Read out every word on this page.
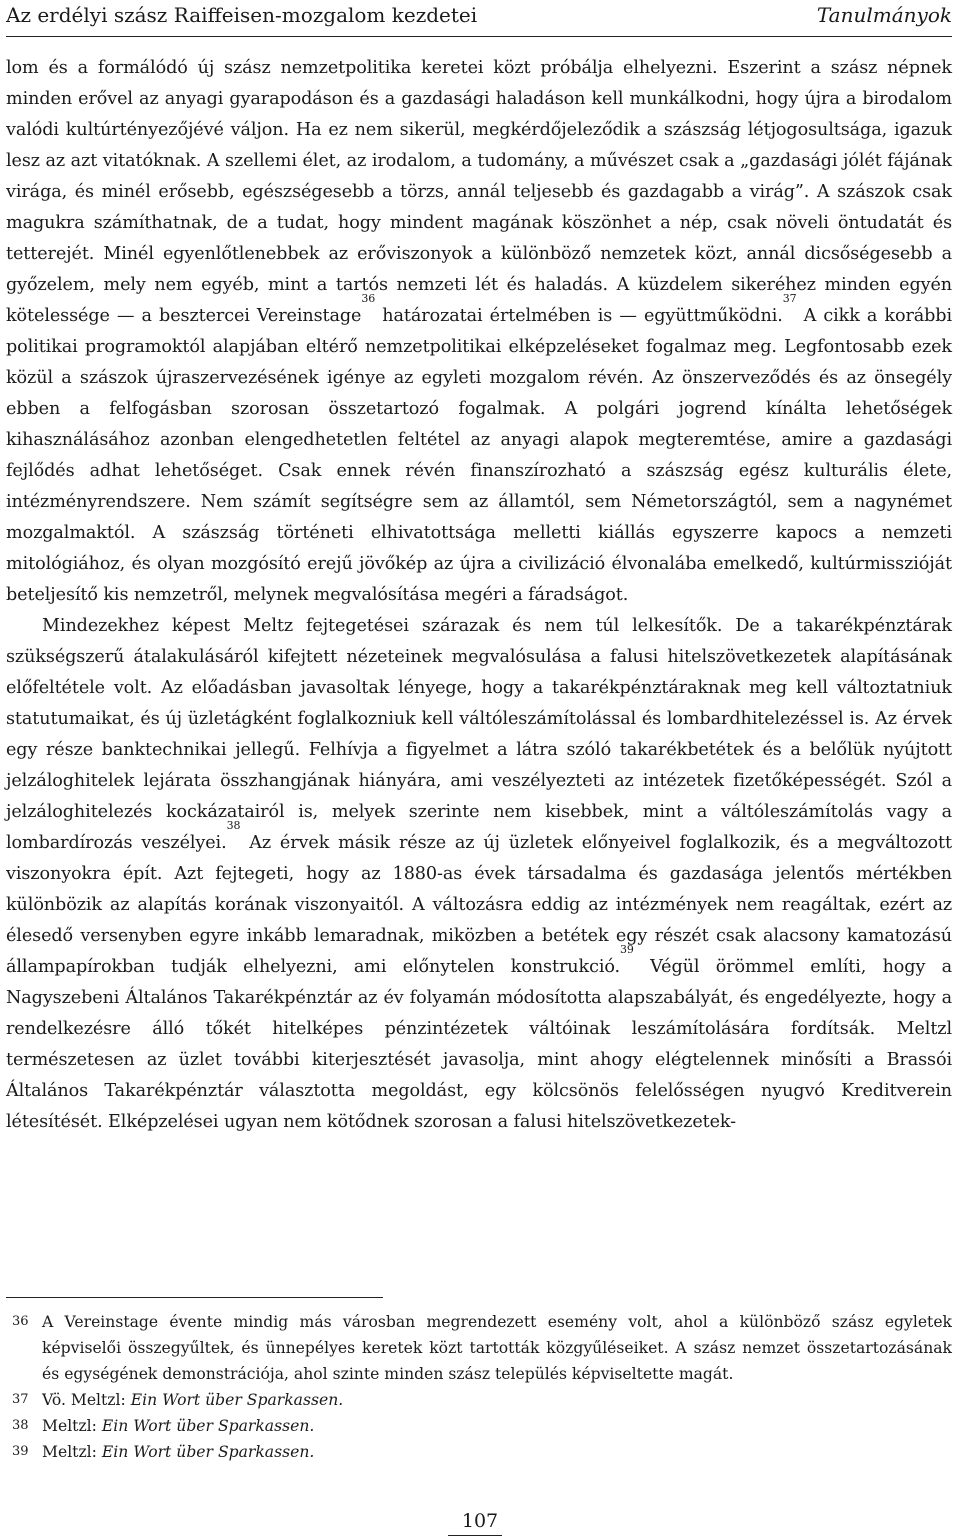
Az erdélyi szász Raiffeisen-mozgalom kezdetei	Tanulmányok

lom és a formálódó új szász nemzetpolitika keretei közt próbálja elhelyezni. Eszerint a szász népnek minden erővel az anyagi gyarapodáson és a gazdasági haladáson kell munkálkodni, hogy újra a birodalom valódi kultúrtényezőjévé váljon. Ha ez nem sikerül, megkérdőjeleződik a szászság létjogosultsága, igazuk lesz az azt vitatóknak. A szellemi élet, az irodalom, a tudomány, a művészet csak a „gazdasági jólét fájának virága, és minél erősebb, egészségesebb a törzs, annál teljesebb és gazdagabb a virág”. A szászok csak magukra számíthatnak, de a tudat, hogy mindent magának köszönhet a nép, csak növeli öntudatát és tetterejét. Minél egyenlőtlenebbek az erőviszonyok a különböző nemzetek közt, annál dicsőségesebb a győzelem, mely nem egyéb, mint a tartós nemzeti lét és haladás. A küzdelem sikeréhez minden egyén kötelessége — a besztercei Vereinstage$^{36}$ határozatai értelmében is — együttműködni.$^{37}$ A cikk a korábbi politikai programoktól alapjában eltérő nemzetpolitikai elképzeléseket fogalmaz meg. Legfontosabb ezek közül a szászok újraszervezésének igénye az egyleti mozgalom révén. Az önszerveződés és az önsegély ebben a felfogásban szorosan összetartozó fogalmak. A polgári jogrend kínálta lehetőségek kihasználásához azonban elengedhetetlen feltétel az anyagi alapok megteremtése, amire a gazdasági fejlődés adhat lehetőséget. Csak ennek révén finanszírozható a szászság egész kulturális élete, intézményrendszere. Nem számít segítségre sem az államtól, sem Németországtól, sem a nagynémet mozgalmaktól. A szászság történeti elhivatottsága melletti kiállás egyszerre kapocs a nemzeti mitológiához, és olyan mozgósító erejű jövőkép az újra a civilizáció élvonalába emelkedő, kultúrmisszióját beteljesítő kis nemzetről, melynek megvalósítása megéri a fáradságot.

Mindezekhez képest Meltz fejtegetései szárazak és nem túl lelkesítők. De a takarékpénztárak szükségszerű átalakulásáról kifejtett nézeteinek megvalósulása a falusi hitelszövetkezetek alapításának előfeltétele volt. Az előadásban javasoltak lényege, hogy a takarékpénztáraknak meg kell változtatniuk statutumaikat, és új üzletágként foglalkozniuk kell váltóleszámítolással és lombardhitelezéssel is. Az érvek egy része banktechnikai jellegű. Felhívja a figyelmet a látra szóló takarékbetétek és a belőlük nyújtott jelzáloghitelek lejárata összhangjának hiányára, ami veszélyezteti az intézetek fizetőképességét. Szól a jelzáloghitelezés kockázatairól is, melyek szerinte nem kisebbek, mint a váltóleszámítolás vagy a lombardírozás veszélyei.$^{38}$ Az érvek másik része az új üzletek előnyeivel foglalkozik, és a megváltozott viszonyokra épít. Azt fejtegeti, hogy az 1880-as évek társadalma és gazdasága jelentős mértékben különbözik az alapítás korának viszonyaitól. A változásra eddig az intézmények nem reagáltak, ezért az élesedő versenyben egyre inkább lemaradnak, miközben a betétek egy részét csak alacsony kamatozású állampapírokban tudják elhelyezni, ami előnytelen konstrukció.$^{39}$ Végül örömmel említi, hogy a Nagyszebeni Általános Takarékpénztár az év folyamán módosította alapszabályát, és engedélyezte, hogy a rendelkezésre álló tőkét hitelképes pénzintézetek váltóinak leszámítolására fordítsák. Meltzl természetesen az üzlet további kiterjesztését javasolja, mint ahogy elégtelennek minősíti a Brassói Általános Takarékpénztár választotta megoldást, egy kölcsönös felelősségen nyugvó Kreditverein létesítését. Elképzelései ugyan nem kötődnek szorosan a falusi hitelszövetkezetek-

36 A Vereinstage évente mindig más városban megrendezett esemény volt, ahol a különböző szász egyletek képviselői összegyűltek, és ünnepélyes keretek közt tartották közgyűléseiket. A szász nemzet összetartozásának és egységének demonstrációja, ahol szinte minden szász település képviseltette magát.
37 Vö. Meltzl: Ein Wort über Sparkassen.
38 Meltzl: Ein Wort über Sparkassen.
39 Meltzl: Ein Wort über Sparkassen.
107
